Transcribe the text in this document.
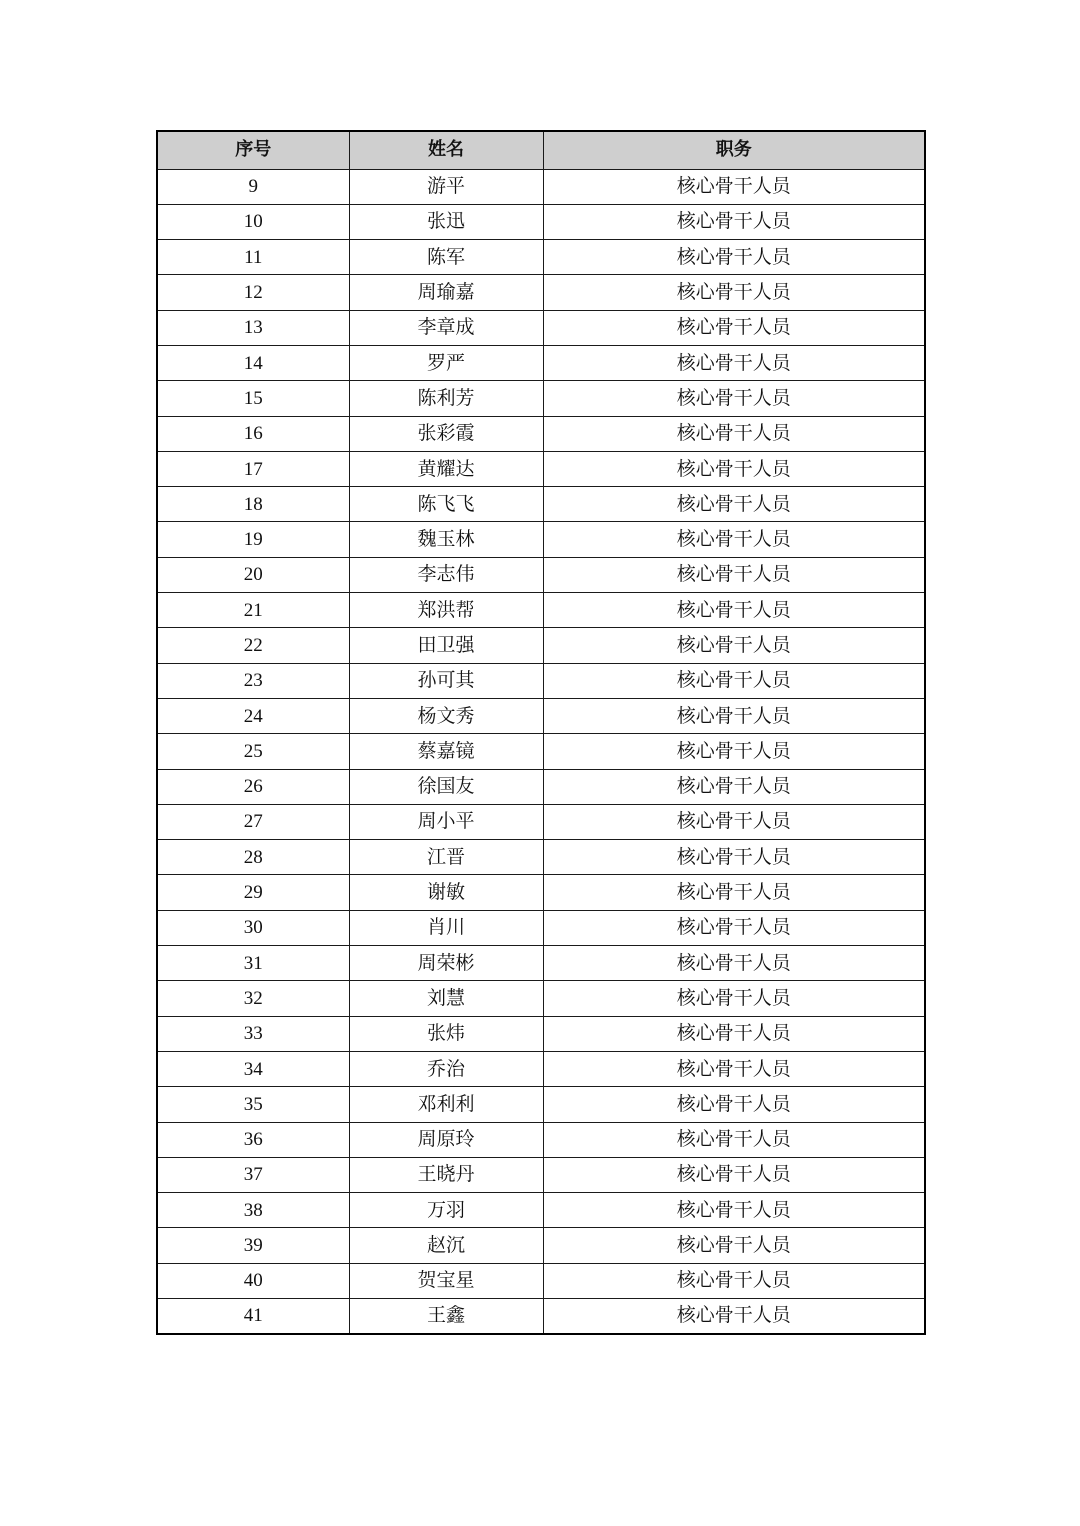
序号	姓名	职务
9	游平	核心骨干人员
10	张迅	核心骨干人员
11	陈军	核心骨干人员
12	周瑜嘉	核心骨干人员
13	李章成	核心骨干人员
14	罗严	核心骨干人员
15	陈利芳	核心骨干人员
16	张彩霞	核心骨干人员
17	黄耀达	核心骨干人员
18	陈飞飞	核心骨干人员
19	魏玉林	核心骨干人员
20	李志伟	核心骨干人员
21	郑洪帮	核心骨干人员
22	田卫强	核心骨干人员
23	孙可其	核心骨干人员
24	杨文秀	核心骨干人员
25	蔡嘉镜	核心骨干人员
26	徐国友	核心骨干人员
27	周小平	核心骨干人员
28	江晋	核心骨干人员
29	谢敏	核心骨干人员
30	肖川	核心骨干人员
31	周荣彬	核心骨干人员
32	刘慧	核心骨干人员
33	张炜	核心骨干人员
34	乔治	核心骨干人员
35	邓利利	核心骨干人员
36	周原玲	核心骨干人员
37	王晓丹	核心骨干人员
38	万羽	核心骨干人员
39	赵沉	核心骨干人员
40	贺宝星	核心骨干人员
41	王鑫	核心骨干人员
